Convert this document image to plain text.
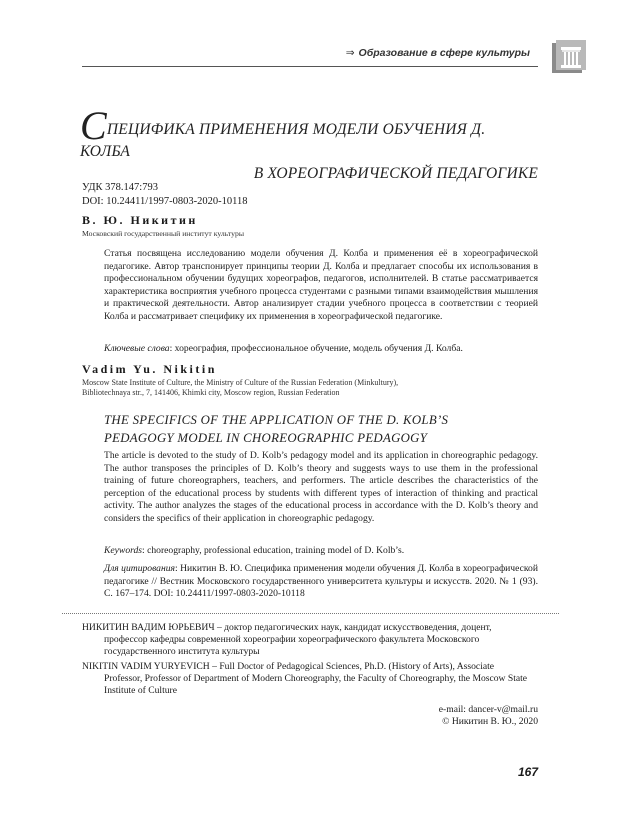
⇒ Образование в сфере культуры
СПЕЦИФИКА ПРИМЕНЕНИЯ МОДЕЛИ ОБУЧЕНИЯ Д. КОЛБА
В ХОРЕОГРАФИЧЕСКОЙ ПЕДАГОГИКЕ
УДК 378.147:793
DOI: 10.24411/1997-0803-2020-10118
В. Ю. Никитин
Московский государственный институт культуры

Статья посвящена исследованию модели обучения Д. Колба и применения её в хореографической педагогике. Автор транспонирует принципы теории Д. Колба и предлагает способы их использования в профессиональном обучении будущих хореографов, педагогов, исполнителей. В статье рассматривается характеристика восприятия учебного процесса студентами с разными типами взаимодействия мышления и практической деятельности. Автор анализирует стадии учебного процесса в соответствии с теорией Колба и рассматривает специфику их применения в хореографической педагогике.

Ключевые слова: хореография, профессиональное обучение, модель обучения Д. Колба.
Vadim Yu. Nikitin
Moscow State Institute of Culture, the Ministry of Culture of the Russian Federation (Minkultury),
Bibliotechnaya str., 7, 141406, Khimki city, Moscow region, Russian Federation
THE SPECIFICS OF THE APPLICATION OF THE D. KOLB’S
PEDAGOGY MODEL IN CHOREOGRAPHIC PEDAGOGY

The article is devoted to the study of D. Kolb’s pedagogy model and its application in choreographic pedagogy. The author transposes the principles of D. Kolb’s theory and suggests ways to use them in the professional training of future choreographers, teachers, and performers. The article describes the characteristics of the perception of the educational process by students with different types of interaction of thinking and practical activity. The author analyzes the stages of the educational process in accordance with the D. Kolb’s theory and considers the specifics of their application in choreographic pedagogy.

Keywords: choreography, professional education, training model of D. Kolb’s.
Для цитирования: Никитин В. Ю. Специфика применения модели обучения Д. Колба в хореографической педагогике // Вестник Московского государственного университета культуры и искусств. 2020. № 1 (93). С. 167–174. DOI: 10.24411/1997-0803-2020-10118
НИКИТИН ВАДИМ ЮРЬЕВИЧ – доктор педагогических наук, кандидат искусствоведения, доцент,
профессор кафедры современной хореографии хореографического факультета Московского государственного института культуры
NIKITIN VADIM YURYEVICH – Full Doctor of Pedagogical Sciences, Ph.D. (History of Arts), Associate
Professor, Professor of Department of Modern Choreography, the Faculty of Choreography, the Moscow State Institute of Culture
e-mail: dancer-v@mail.ru
© Никитин В. Ю., 2020
167
